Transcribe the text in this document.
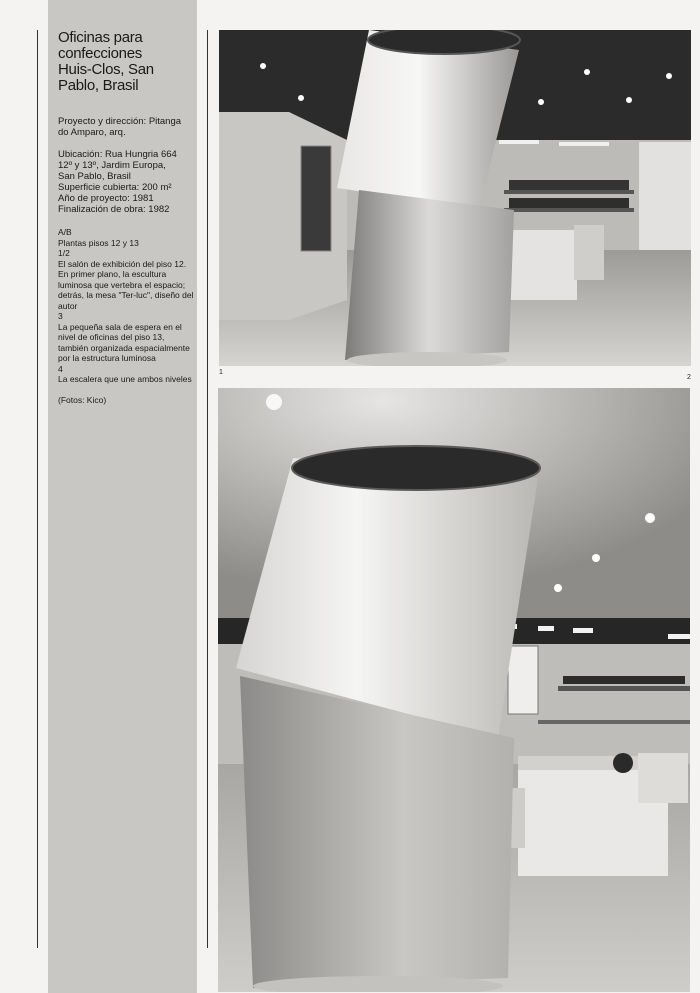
Oficinas para
confecciones
Huis-Clos, San
Pablo, Brasil

Proyecto y dirección: Pitanga do Amparo, arq.

Ubicación: Rua Hungria 664
12º y 13º, Jardim Europa,
San Pablo, Brasil
Superficie cubierta: 200 m²
Año de proyecto: 1981
Finalización de obra: 1982
A/B
Plantas pisos 12 y 13
1/2
El salón de exhibición del piso 12. En primer plano, la escultura luminosa que vertebra el espacio; detrás, la mesa "Ter-luc", diseño del autor
3
La pequeña sala de espera en el nivel de oficinas del piso 13, también organizada espacialmente por la estructura luminosa
4
La escalera que une ambos niveles
(Fotos: Kico)
1
2
